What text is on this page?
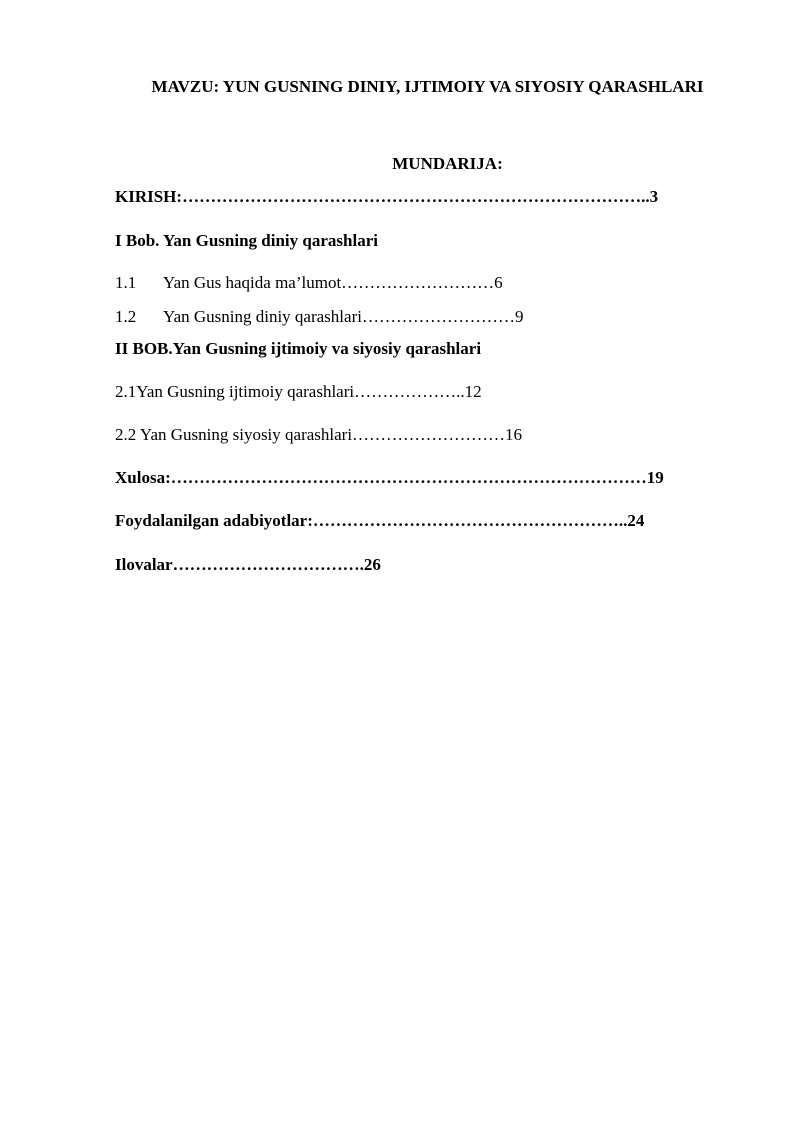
MAVZU: YUN GUSNING DINIY, IJTIMOIY VA SIYOSIY QARASHLARI
MUNDARIJA:
KIRISH:………………………………………………………………………..3
I Bob. Yan Gusning diniy qarashlari
1.1 Yan Gus haqida ma’lumot………………………6
1.2 Yan Gusning diniy qarashlari………………………9
II BOB.Yan Gusning ijtimoiy va siyosiy qarashlari
2.1Yan Gusning ijtimoiy qarashlari………………..12
2.2 Yan Gusning siyosiy qarashlari………………………16
Xulosa:…………………………………………………………………………19
Foydalanilgan adabiyotlar:………………………………………………..24
Ilovalar…………………………….26
